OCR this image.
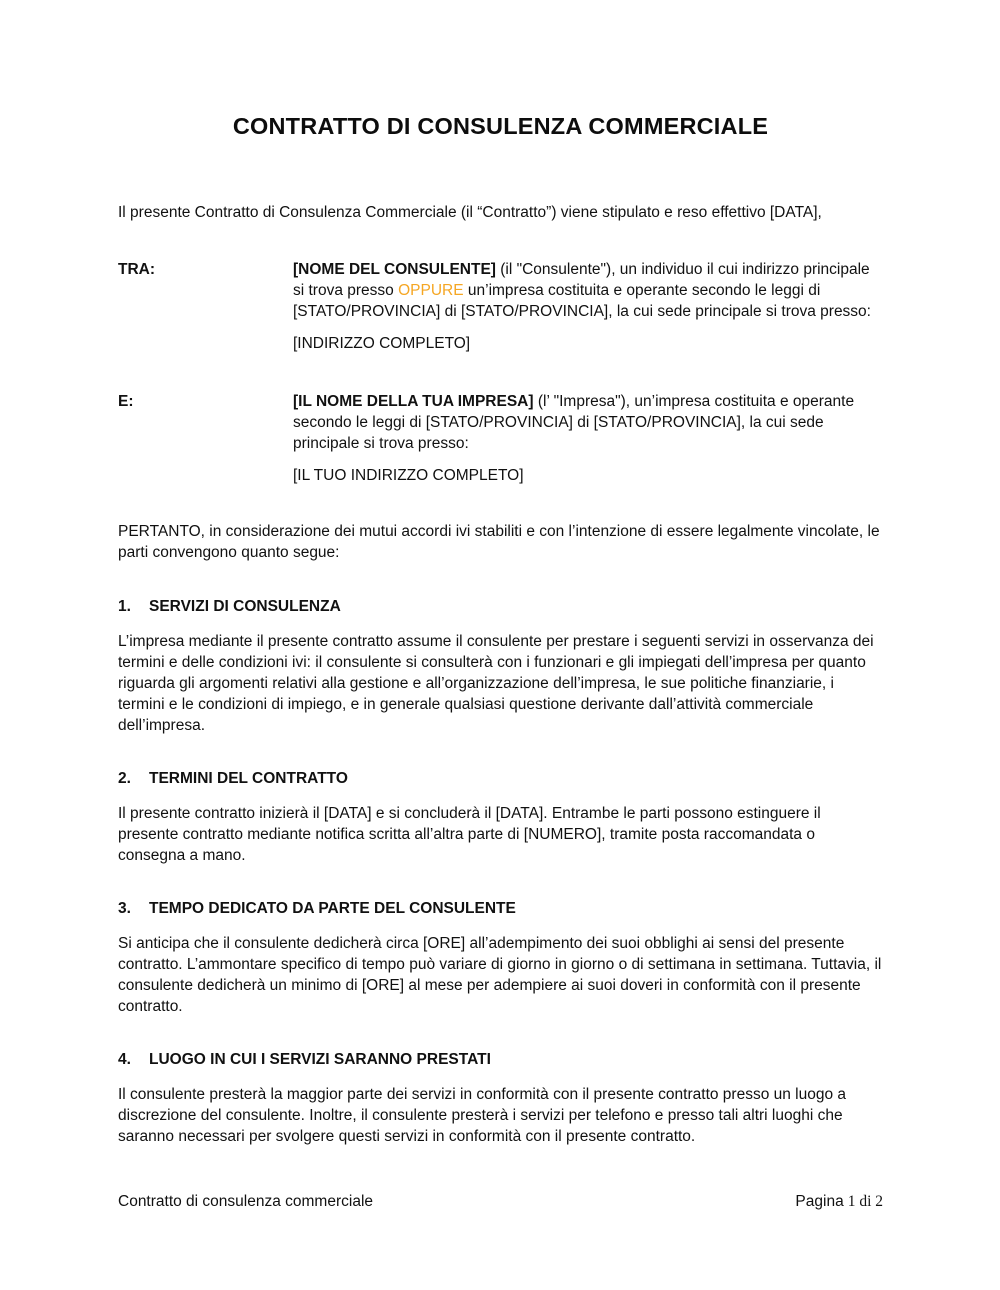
CONTRATTO DI CONSULENZA COMMERCIALE

Il presente Contratto di Consulenza Commerciale (il “Contratto”) viene stipulato e reso effettivo [DATA],

TRA:	[NOME DEL CONSULENTE] (il "Consulente"), un individuo il cui indirizzo principale si trova presso OPPURE un’impresa costituita e operante secondo le leggi di [STATO/PROVINCIA] di [STATO/PROVINCIA], la cui sede principale si trova presso:

[INDIRIZZO COMPLETO]

E:	[IL NOME DELLA TUA IMPRESA] (l’ "Impresa"), un’impresa costituita e operante secondo le leggi di [STATO/PROVINCIA] di [STATO/PROVINCIA], la cui sede principale si trova presso:

[IL TUO INDIRIZZO COMPLETO]

PERTANTO, in considerazione dei mutui accordi ivi stabiliti e con l’intenzione di essere legalmente vincolate, le parti convengono quanto segue:

1. SERVIZI DI CONSULENZA

L’impresa mediante il presente contratto assume il consulente per prestare i seguenti servizi in osservanza dei termini e delle condizioni ivi: il consulente si consulterà con i funzionari e gli impiegati dell’impresa per quanto riguarda gli argomenti relativi alla gestione e all’organizzazione dell’impresa, le sue politiche finanziarie, i termini e le condizioni di impiego, e in generale qualsiasi questione derivante dall’attività commerciale dell’impresa.

2. TERMINI DEL CONTRATTO

Il presente contratto inizierà il [DATA] e si concluderà il [DATA]. Entrambe le parti possono estinguere il presente contratto mediante notifica scritta all’altra parte di [NUMERO], tramite posta raccomandata o consegna a mano.

3. TEMPO DEDICATO DA PARTE DEL CONSULENTE

Si anticipa che il consulente dedicherà circa [ORE] all’adempimento dei suoi obblighi ai sensi del presente contratto. L’ammontare specifico di tempo può variare di giorno in giorno o di settimana in settimana. Tuttavia, il consulente dedicherà un minimo di [ORE] al mese per adempiere ai suoi doveri in conformità con il presente contratto.

4. LUOGO IN CUI I SERVIZI SARANNO PRESTATI

Il consulente presterà la maggior parte dei servizi in conformità con il presente contratto presso un luogo a discrezione del consulente. Inoltre, il consulente presterà i servizi per telefono e presso tali altri luoghi che saranno necessari per svolgere questi servizi in conformità con il presente contratto.

Contratto di consulenza commerciale	Pagina 1 di 2
